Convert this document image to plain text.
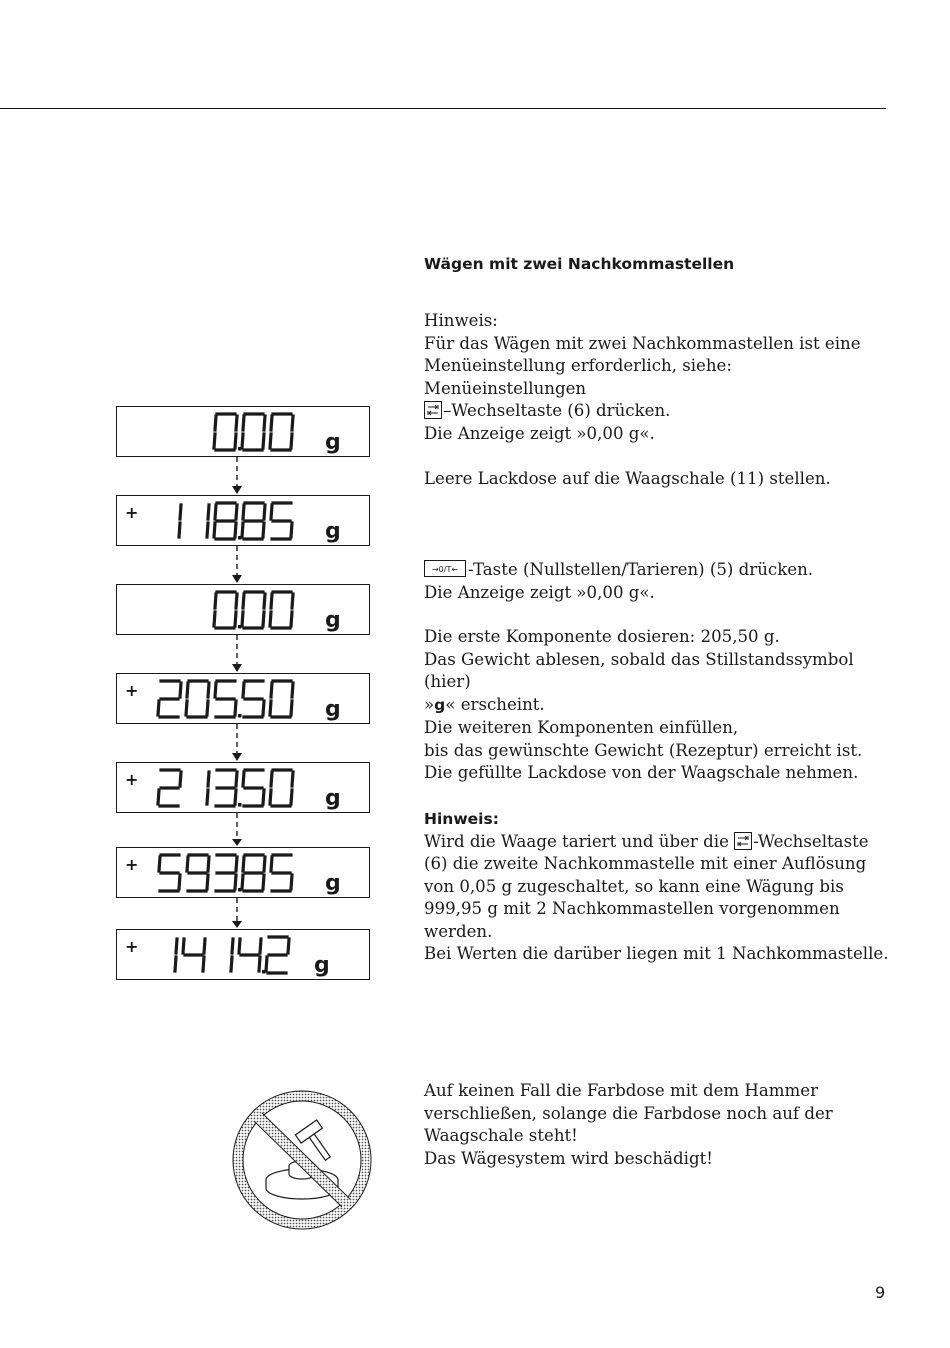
Wägen mit zwei Nachkommastellen

Hinweis:

Für das Wägen mit zwei Nachkommastellen ist eine

Menüeinstellung erforderlich, siehe: Menüeinstellungen

–Wechseltaste (6) drücken.

Die Anzeige zeigt »0,00 g«.

Leere Lackdose auf die Waagschale (11) stellen.

→0/T← -Taste (Nullstellen/Tarieren) (5) drücken.

Die Anzeige zeigt »0,00 g«.

Die erste Komponente dosieren: 205,50 g.

Das Gewicht ablesen, sobald das Stillstandssymbol (hier)

»g« erscheint.

Die weiteren Komponenten einfüllen,

bis das gewünschte Gewicht (Rezeptur) erreicht ist.

Die gefüllte Lackdose von der Waagschale nehmen.

Hinweis:

Wird die Waage tariert und über die -Wechseltaste

(6) die zweite Nachkommastelle mit einer Auflösung

von 0,05 g zugeschaltet, so kann eine Wägung bis

999,95 g mit 2 Nachkommastellen vorgenommen

werden.

Bei Werten die darüber liegen mit 1 Nachkommastelle.

Auf keinen Fall die Farbdose mit dem Hammer

verschließen, solange die Farbdose noch auf der

Waagschale steht!

Das Wägesystem wird beschädigt!

g
g
+
g
g
+
g
+
g
+
g
+
9
